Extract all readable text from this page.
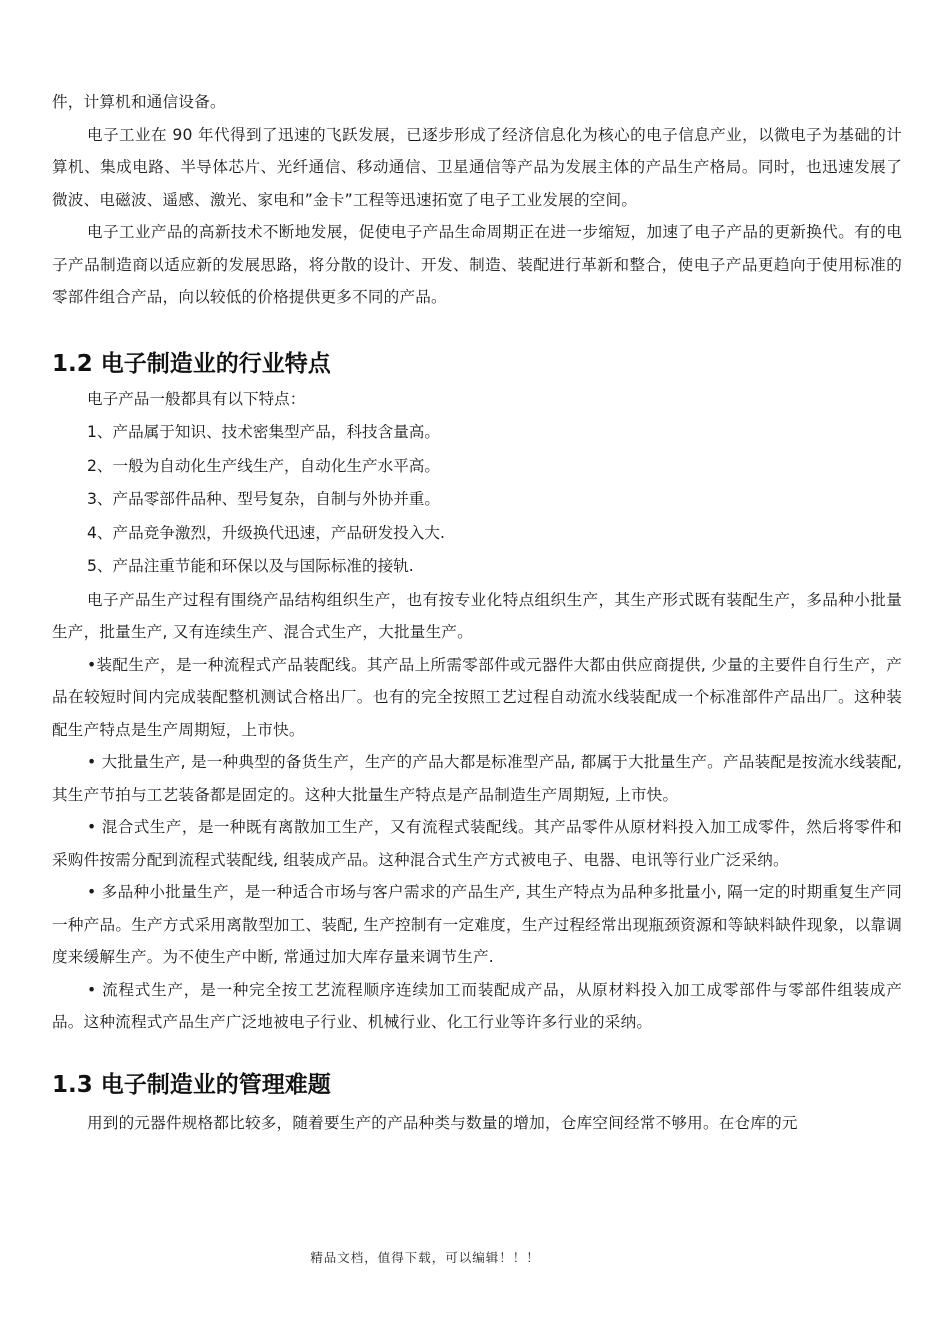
件，计算机和通信设备。

电子工业在 90 年代得到了迅速的飞跃发展，已逐步形成了经济信息化为核心的电子信息产业，以微电子为基础的计算机、集成电路、半导体芯片、光纤通信、移动通信、卫星通信等产品为发展主体的产品生产格局。同时，也迅速发展了微波、电磁波、遥感、激光、家电和”金卡”工程等迅速拓宽了电子工业发展的空间。

电子工业产品的高新技术不断地发展，促使电子产品生命周期正在进一步缩短，加速了电子产品的更新换代。有的电子产品制造商以适应新的发展思路，将分散的设计、开发、制造、装配进行革新和整合，使电子产品更趋向于使用标准的零部件组合产品，向以较低的价格提供更多不同的产品。

1.2 电子制造业的行业特点

电子产品一般都具有以下特点：

1、产品属于知识、技术密集型产品，科技含量高。

2、一般为自动化生产线生产，自动化生产水平高。

3、产品零部件品种、型号复杂，自制与外协并重。

4、产品竞争激烈，升级换代迅速，产品研发投入大.

5、产品注重节能和环保以及与国际标准的接轨.

电子产品生产过程有围绕产品结构组织生产，也有按专业化特点组织生产，其生产形式既有装配生产，多品种小批量生产，批量生产, 又有连续生产、混合式生产，大批量生产。

•装配生产，是一种流程式产品装配线。其产品上所需零部件或元器件大都由供应商提供, 少量的主要件自行生产，产品在较短时间内完成装配整机测试合格出厂。也有的完全按照工艺过程自动流水线装配成一个标准部件产品出厂。这种装配生产特点是生产周期短，上市快。

• 大批量生产, 是一种典型的备货生产，生产的产品大都是标准型产品, 都属于大批量生产。产品装配是按流水线装配, 其生产节拍与工艺装备都是固定的。这种大批量生产特点是产品制造生产周期短, 上市快。

• 混合式生产，是一种既有离散加工生产，又有流程式装配线。其产品零件从原材料投入加工成零件，然后将零件和采购件按需分配到流程式装配线, 组装成产品。这种混合式生产方式被电子、电器、电讯等行业广泛采纳。

• 多品种小批量生产，是一种适合市场与客户需求的产品生产, 其生产特点为品种多批量小, 隔一定的时期重复生产同一种产品。生产方式采用离散型加工、装配, 生产控制有一定难度，生产过程经常出现瓶颈资源和等缺料缺件现象，以靠调度来缓解生产。为不使生产中断, 常通过加大库存量来调节生产.

• 流程式生产，是一种完全按工艺流程顺序连续加工而装配成产品，从原材料投入加工成零部件与零部件组装成产品。这种流程式产品生产广泛地被电子行业、机械行业、化工行业等许多行业的采纳。

1.3 电子制造业的管理难题

用到的元器件规格都比较多，随着要生产的产品种类与数量的增加，仓库空间经常不够用。在仓库的元

精品文档，值得下载，可以编辑！！！
